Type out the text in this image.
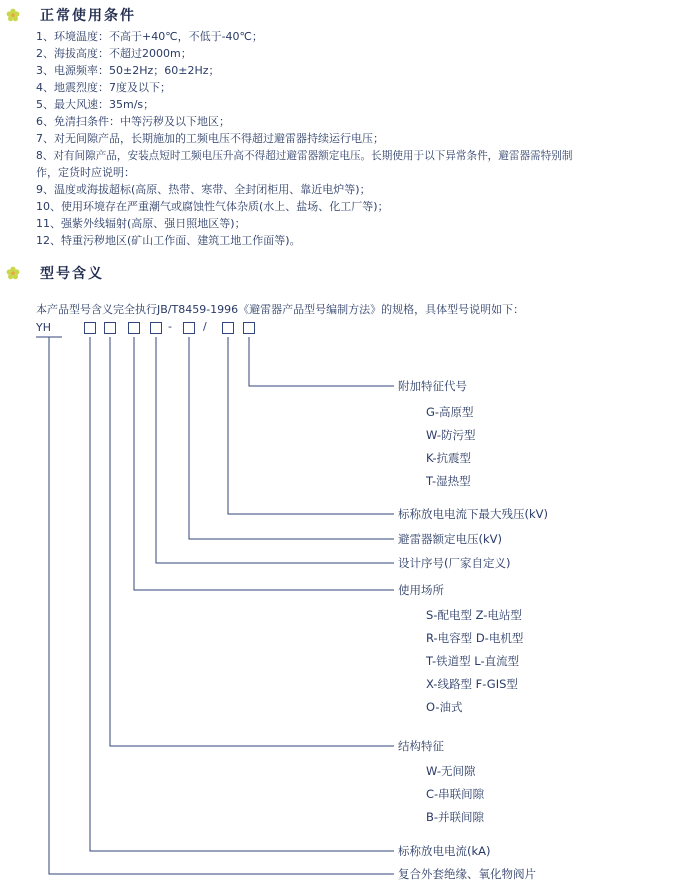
正常使用条件
1、环境温度：不高于+40℃，不低于-40℃；
2、海拔高度：不超过2000m；
3、电源频率：50±2Hz；60±2Hz；
4、地震烈度：7度及以下；
5、最大风速：35m/s；
6、免清扫条件：中等污秽及以下地区；
7、对无间隙产品，长期施加的工频电压不得超过避雷器持续运行电压；
8、对有间隙产品，安装点短时工频电压升高不得超过避雷器额定电压。长期使用于以下异常条件，避雷器需特别制
作，定货时应说明：
9、温度或海拔超标(高原、热带、寒带、全封闭柜用、靠近电炉等)；
10、使用环境存在严重潮气或腐蚀性气体杂质(水上、盐场、化工厂等)；
11、强紫外线辐射(高原、强日照地区等)；
12、特重污秽地区(矿山工作面、建筑工地工作面等)。
型号含义
本产品型号含义完全执行JB/T8459-1996《避雷器产品型号编制方法》的规格，具体型号说明如下：
YH	-	/
附加特征代号
G-高原型
W-防污型
K-抗震型
T-湿热型
标称放电电流下最大残压(kV)
避雷器额定电压(kV)
设计序号(厂家自定义)
使用场所
S-配电型 Z-电站型
R-电容型 D-电机型
T-铁道型 L-直流型
X-线路型 F-GIS型
O-油式
结构特征
W-无间隙
C-串联间隙
B-并联间隙
标称放电电流(kA)
复合外套绝缘、氧化物阀片
